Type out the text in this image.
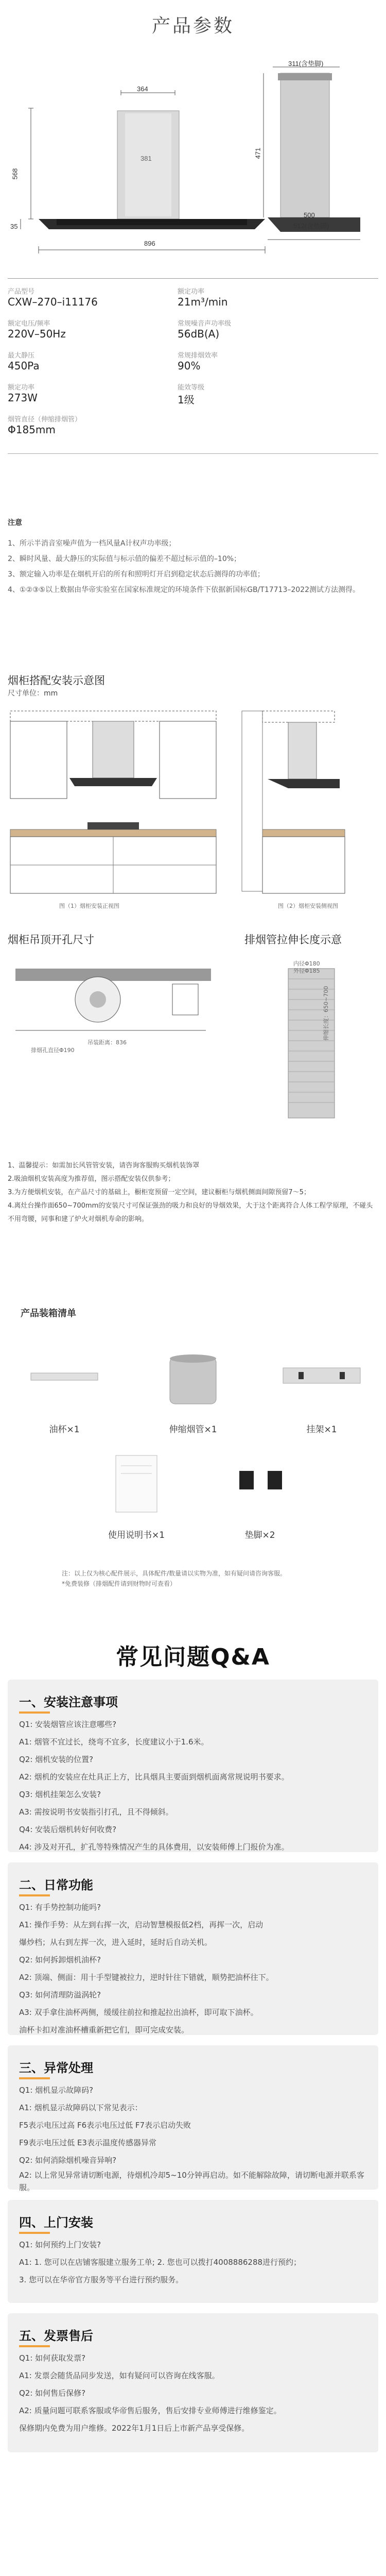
产品参数
364
381
568
35
896
311(含垫脚)
471
500
512(含垫脚)
产品型号
CXW–270–i11176
额定功率
21m³/min
额定电压/频率
220V–50Hz
常规噪音声功率级
56dB(A)
最大静压
450Pa
常规排烟效率
90%
额定功率
273W
能效等级
1级
烟管直径（伸缩排烟管）
Φ185mm

注意

1、所示半消音室噪声值为一档风量A计权声功率级；

2、瞬时风量、最大静压的实际值与标示值的偏差不超过标示值的–10%；

3、额定输入功率是在烟机开启的所有和照明灯开启到稳定状态后测得的功率值；

4、①②③⑤以上数据由华帝实验室在国家标准规定的环境条件下依据新国标GB/T17713–2022测试方法测得。

烟柜搭配安装示意图
尺寸单位：mm
图（1）烟柜安装正视图	图（2）烟柜安装侧视图
烟柜吊顶开孔尺寸	排烟管拉伸长度示意
排烟孔直径Φ190
吊装距离：836
内径Φ180
外径Φ185
伸缩长度：650~700

1、温馨提示：如需加长风管管安装，请咨询客服购买烟机装饰罩

2.吸油烟机安装高度为推荐值，图示搭配安装仅供参考；

3.为方便烟机安装，在产品尺寸的基础上，橱柜宽预留一定空间，建议橱柜与烟机侧面间隙预留7～5；

4.离灶台操作面650~700mm的安装尺寸可保证强劲的吸力和良好的导烟效果，大于这个距离符合人体工程学原理，不碰头不用弯腰，同事和建了炉火对烟机寿命的影响。

产品装箱清单
油杯×1	伸缩烟管×1	挂架×1
使用说明书×1	垫脚×2
注：以上仅为核心配件展示，具体配件/数量请以实物为准，如有疑问请咨询客服。
*免费装修（排烟配件请到财物时可查看）
常见问题Q&A
一、安装注意事项

Q1: 安装烟管应该注意哪些?

A1: 烟管不宜过长，绕弯不宜多，长度建议小于1.6米。

Q2: 烟机安装的位置?

A2: 烟机的安装应在灶具正上方，比具烟具主要面到烟机面离常规说明书要求。

Q3: 烟机挂架怎么安装?

A3: 需按说明书安装指引打孔，且不得倾斜。

Q4: 安装后烟机转好何收费?

A4: 涉及对开孔，扩孔等特殊情况产生的具体费用，以安装师傅上门报价为准。

二、日常功能

Q1: 有手势控制功能吗?

A1: 操作手势：从左到右挥一次，启动智慧模报低2档，再挥一次，启动

爆炒档；从右到左挥一次，进入延时，延时后自动关机。

Q2: 如何拆卸烟机油杯?

A2: 顶端、侧面：用十手型键被拉力，逆时针往下错就，顺势把油杯往下。

Q3: 如何清理防溢涡轮?

A3: 双手拿住油杯两侧，缓缓往前拉和推起拉出油杯，即可取下油杯。

油杯卡扣对准油杯槽重新把它们，即可完成安装。

三、异常处理

Q1: 烟机显示故障码?

A1: 烟机显示故障码以下常见表示：

F5表示电压过高 F6表示电压过低 F7表示启动失败

F9表示电压过低 E3表示温度传感器异常

Q2: 如何消除烟机噪音异响?

A2: 以上常见异常请切断电源，待烟机冷却5~10分钟再启动。如不能解除故障，请切断电源并联系客服。

四、上门安装

Q1: 如何预约上门安装?

A1: 1. 您可以在店铺客服建立服务工单; 2. 您也可以拨打4008886288进行预约；

3. 您可以在华帝官方服务等平台进行预约服务。

五、发票售后

Q1: 如何获取发票?

A1: 发票会随货品同步发送，如有疑问可以咨询在线客服。

Q2: 如何售后保修?

A2: 质量问题可联系客服或华帝售后服务，售后安排专业师傅进行维修鉴定。

保修期内免费为用户维修。2022年1月1日后上市新产品享受保修。
